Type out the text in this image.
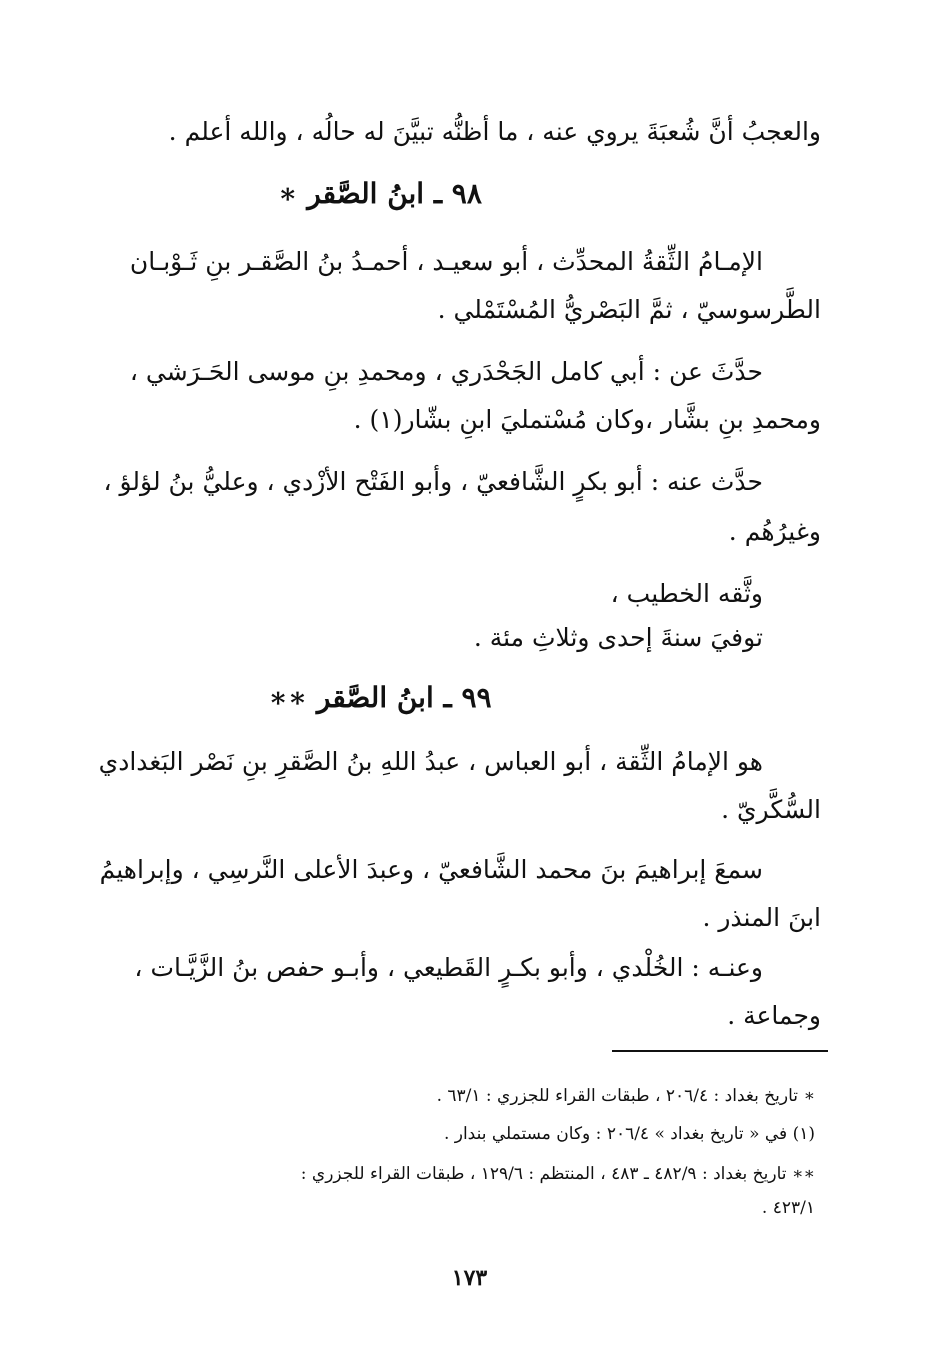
والعجبُ أنَّ شُعبَةَ يروي عنه ، ما أظنُّه تبيَّنَ له حالُه ، والله أعلم .
٩٨ ـ ابنُ الصَّقر ∗
الإمـامُ الثِّقةُ المحدِّث ، أبو سعيـد ، أحمـدُ بنُ الصَّقـر بنِ ثَـوْبـان
الطَّرسوسيّ ، ثمَّ البَصْريُّ المُسْتَمْلي .
حدَّثَ عن : أبي كامل الجَحْدَري ، ومحمدِ بنِ موسى الحَـرَشي ،
ومحمدِ بنِ بشَّار ،وكان مُسْتمليَ ابنِ بشّار(١) .
حدَّث عنه : أبو بكرٍ الشَّافعيّ ، وأبو الفَتْح الأزْدي ، وعليُّ بنُ لؤلؤ ،
وغيرُهُم .
وثَّقه الخطيب ،
توفيَ سنةَ إحدى وثلاثِ مئة .
٩٩ ـ ابنُ الصَّقر ∗∗
هو الإمامُ الثِّقة ، أبو العباس ، عبدُ اللهِ بنُ الصَّقرِ بنِ نَصْر البَغدادي
السُّكَّريّ .
سمعَ إبراهيمَ بنَ محمد الشَّافعيّ ، وعبدَ الأعلى النَّرسِي ، وإبراهيمُ
ابنَ المنذر .
وعنـه : الخُلْدي ، وأبو بكـرٍ القَطيعي ، وأبـو حفص بنُ الزَّيَّـات ،
وجماعة .
∗ تاريخ بغداد : ٢٠٦/٤ ، طبقات القراء للجزري : ٦٣/١ .
(١) في « تاريخ بغداد » ٢٠٦/٤ : وكان مستملي بندار .
∗∗ تاريخ بغداد : ٤٨٢/٩ ـ ٤٨٣ ، المنتظم : ١٢٩/٦ ، طبقات القراء للجزري :
٤٢٣/١ .
١٧٣
